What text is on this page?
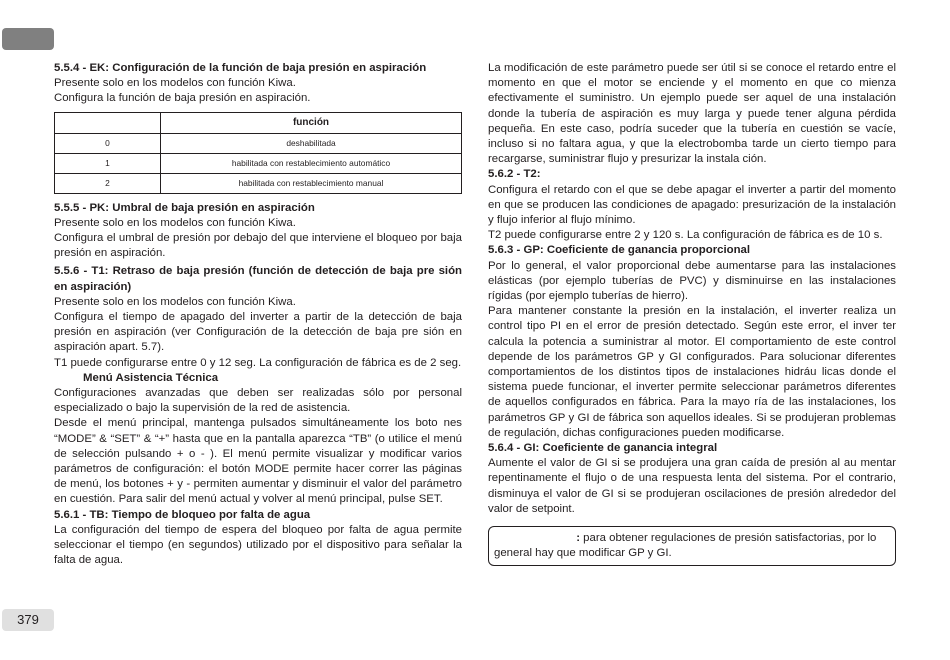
5.5.4 - EK: Configuración de la función de baja presión en aspiración

Presente solo en los modelos con función Kiwa.

Configura la función de baja presión en aspiración.

	función
0	deshabilitada
1	habilitada con restablecimiento automático
2	habilitada con restablecimiento manual

5.5.5 - PK: Umbral de baja presión en aspiración

Presente solo en los modelos con función Kiwa.

Configura el umbral de presión por debajo del que interviene el bloqueo por baja presión en aspiración.

5.5.6 - T1: Retraso de baja presión (función de detección de baja pre sión en aspiración)

Presente solo en los modelos con función Kiwa.

Configura el tiempo de apagado del inverter a partir de la detección de baja presión en aspiración (ver Configuración de la detección de baja pre sión en aspiración apart. 5.7).

T1 puede configurarse entre 0 y 12 seg. La configuración de fábrica es de 2 seg.

Menú Asistencia Técnica

Configuraciones avanzadas que deben ser realizadas sólo por personal especializado o bajo la supervisión de la red de asistencia.

Desde el menú principal, mantenga pulsados simultáneamente los boto nes “MODE” & “SET” & “+” hasta que en la pantalla aparezca “TB” (o utilice el menú de selección pulsando + o - ). El menú permite visualizar y modificar varios parámetros de configuración: el botón MODE permite hacer correr las páginas de menú, los botones + y - permiten aumentar y disminuir el valor del parámetro en cuestión. Para salir del menú actual y volver al menú principal, pulse SET.

5.6.1 - TB: Tiempo de bloqueo por falta de agua

La configuración del tiempo de espera del bloqueo por falta de agua permite seleccionar el tiempo (en segundos) utilizado por el dispositivo para señalar la falta de agua.

La modificación de este parámetro puede ser útil si se conoce el retardo entre el momento en que el motor se enciende y el momento en que co mienza efectivamente el suministro. Un ejemplo puede ser aquel de una instalación donde la tubería de aspiración es muy larga y puede tener alguna pérdida pequeña. En este caso, podría suceder que la tubería en cuestión se vacíe, incluso si no faltara agua, y que la electrobomba tarde un cierto tiempo para recargarse, suministrar flujo y presurizar la instala ción.

5.6.2 - T2:

Configura el retardo con el que se debe apagar el inverter a partir del momento en que se producen las condiciones de apagado: presurización de la instalación y flujo inferior al flujo mínimo.

T2 puede configurarse entre 2 y 120 s. La configuración de fábrica es de 10 s.

5.6.3 - GP: Coeficiente de ganancia proporcional

Por lo general, el valor proporcional debe aumentarse para las instalaciones elásticas (por ejemplo tuberías de PVC) y disminuirse en las instalaciones rígidas (por ejemplo tuberías de hierro).

Para mantener constante la presión en la instalación, el inverter realiza un control tipo PI en el error de presión detectado. Según este error, el inver ter calcula la potencia a suministrar al motor. El comportamiento de este control depende de los parámetros GP y GI configurados. Para solucionar diferentes comportamientos de los distintos tipos de instalaciones hidráu licas donde el sistema puede funcionar, el inverter permite seleccionar parámetros diferentes de aquellos configurados en fábrica. Para la mayo ría de las instalaciones, los parámetros GP y GI de fábrica son aquellos ideales. Si se produjeran problemas de regulación, dichas configuraciones pueden modificarse.

5.6.4 - GI: Coeficiente de ganancia integral

Aumente el valor de GI si se produjera una gran caída de presión al au mentar repentinamente el flujo o de una respuesta lenta del sistema. Por el contrario, disminuya el valor de GI si se produjeran oscilaciones de presión alrededor del valor de setpoint.

: para obtener regulaciones de presión satisfactorias, por lo general hay que modificar GP y GI.
379
